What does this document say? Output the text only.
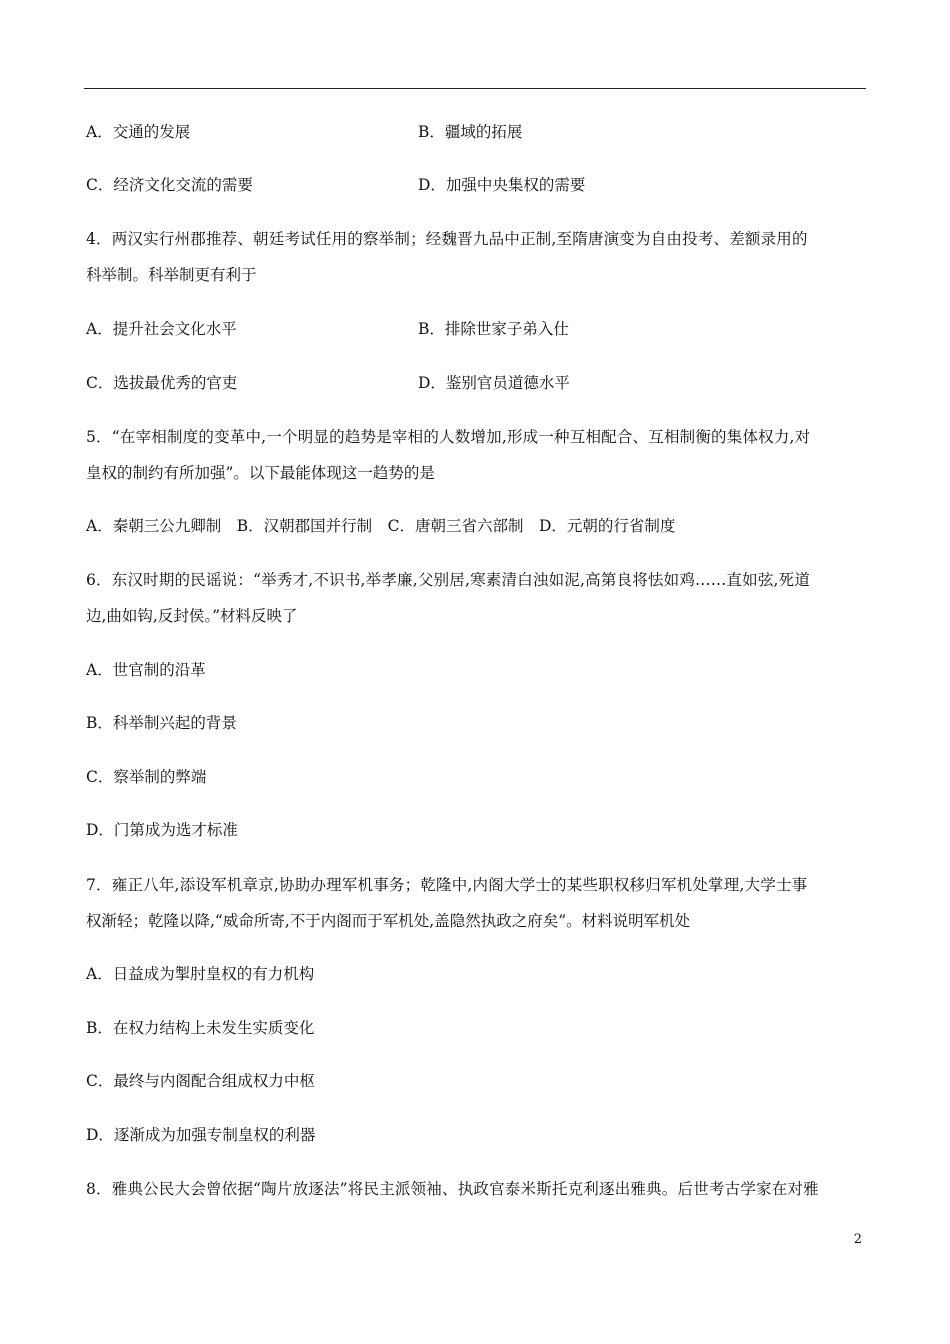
A．交通的发展	B．疆域的拓展
C．经济文化交流的需要	D．加强中央集权的需要
4．两汉实行州郡推荐、朝廷考试任用的察举制；经魏晋九品中正制,至隋唐演变为自由投考、差额录用的
科举制。科举制更有利于
A．提升社会文化水平	B．排除世家子弟入仕
C．选拔最优秀的官吏	D．鉴别官员道德水平
5．“在宰相制度的变革中,一个明显的趋势是宰相的人数增加,形成一种互相配合、互相制衡的集体权力,对
皇权的制约有所加强”。以下最能体现这一趋势的是
A．秦朝三公九卿制　B．汉朝郡国并行制　C．唐朝三省六部制　D．元朝的行省制度
6．东汉时期的民谣说：“举秀才,不识书,举孝廉,父别居,寒素清白浊如泥,高第良将怯如鸡……直如弦,死道
边,曲如钩,反封侯。”材料反映了
A．世官制的沿革
B．科举制兴起的背景
C．察举制的弊端
D．门第成为选才标准
7．雍正八年,添设军机章京,协助办理军机事务；乾隆中,内阁大学士的某些职权移归军机处掌理,大学士事
权渐轻；乾隆以降,“威命所寄,不于内阁而于军机处,盖隐然执政之府矣”。材料说明军机处
A．日益成为掣肘皇权的有力机构
B．在权力结构上未发生实质变化
C．最终与内阁配合组成权力中枢
D．逐渐成为加强专制皇权的利器
8．雅典公民大会曾依据“陶片放逐法”将民主派领袖、执政官泰米斯托克利逐出雅典。后世考古学家在对雅
2
